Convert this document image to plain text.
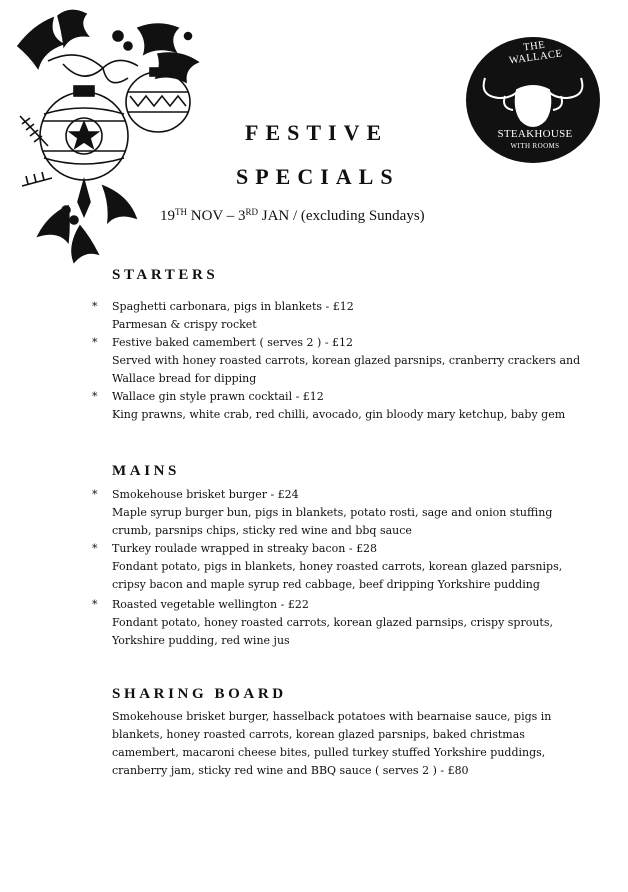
THE WALLACE
STEAKHOUSE
WITH ROOMS
FESTIVE
SPECIALS
19TH NOV – 3RD JAN / (excluding Sundays)
STARTERS
* Spaghetti carbonara, pigs in blankets - £12
Parmesan & crispy rocket
* Festive baked camembert ( serves 2 ) - £12
Served with honey roasted carrots, korean glazed parsnips, cranberry crackers and
Wallace bread for dipping
* Wallace gin style prawn cocktail - £12
King prawns, white crab, red chilli, avocado, gin bloody mary ketchup, baby gem
MAINS
* Smokehouse brisket burger - £24
Maple syrup burger bun, pigs in blankets, potato rosti, sage and onion stuffing
crumb, parsnips chips, sticky red wine and bbq sauce
* Turkey roulade wrapped in streaky bacon - £28
Fondant potato, pigs in blankets, honey roasted carrots, korean glazed parsnips,
cripsy bacon and maple syrup red cabbage, beef dripping Yorkshire pudding
* Roasted vegetable wellington - £22
Fondant potato, honey roasted carrots, korean glazed parnsips, crispy sprouts,
Yorkshire pudding, red wine jus
SHARING BOARD
Smokehouse brisket burger, hasselback potatoes with bearnaise sauce, pigs in
blankets, honey roasted carrots, korean glazed parsnips, baked christmas
camembert, macaroni cheese bites, pulled turkey stuffed Yorkshire puddings,
cranberry jam, sticky red wine and BBQ sauce ( serves 2 ) - £80
